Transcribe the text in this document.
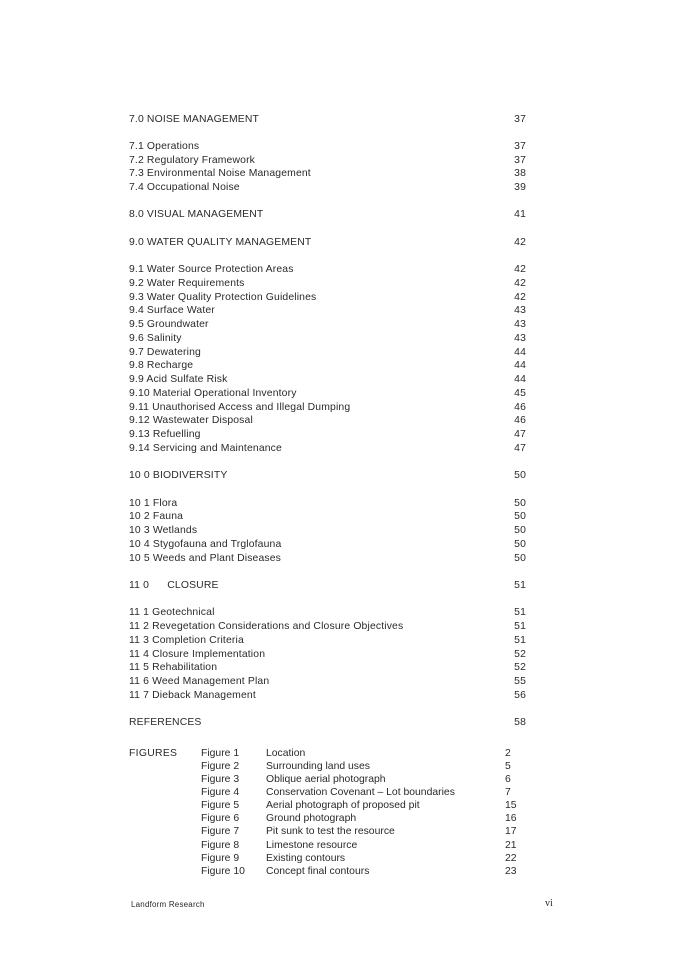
7.0 NOISE MANAGEMENT	37
7.1 Operations	37
7.2 Regulatory Framework	37
7.3 Environmental Noise Management	38
7.4 Occupational Noise	39
8.0 VISUAL MANAGEMENT	41
9.0 WATER QUALITY MANAGEMENT	42
9.1 Water Source Protection Areas	42
9.2 Water Requirements	42
9.3 Water Quality Protection Guidelines	42
9.4 Surface Water	43
9.5 Groundwater	43
9.6 Salinity	43
9.7 Dewatering	44
9.8 Recharge	44
9.9 Acid Sulfate Risk	44
9.10 Material Operational Inventory	45
9.11 Unauthorised Access and Illegal Dumping	46
9.12 Wastewater Disposal	46
9.13 Refuelling	47
9.14 Servicing and Maintenance	47
10 0 BIODIVERSITY	50
10 1 Flora	50
10 2 Fauna	50
10 3 Wetlands	50
10 4 Stygofauna and Trglofauna	50
10 5 Weeds and Plant Diseases	50
11 0      CLOSURE	51
11 1 Geotechnical	51
11 2 Revegetation Considerations and Closure Objectives	51
11 3 Completion Criteria	51
11 4 Closure Implementation	52
11 5 Rehabilitation	52
11 6 Weed Management Plan	55
11 7 Dieback Management	56
REFERENCES	58
FIGURES Figure 1	Location	2
Figure 2	Surrounding land uses	5
Figure 3	Oblique aerial photograph	6
Figure 4	Conservation Covenant – Lot boundaries	7
Figure 5	Aerial photograph of proposed pit	15
Figure 6	Ground photograph	16
Figure 7	Pit sunk to test the resource	17
Figure 8	Limestone resource	21
Figure 9	Existing contours	22
Figure 10 Concept final contours	23
Landform Research	vi
